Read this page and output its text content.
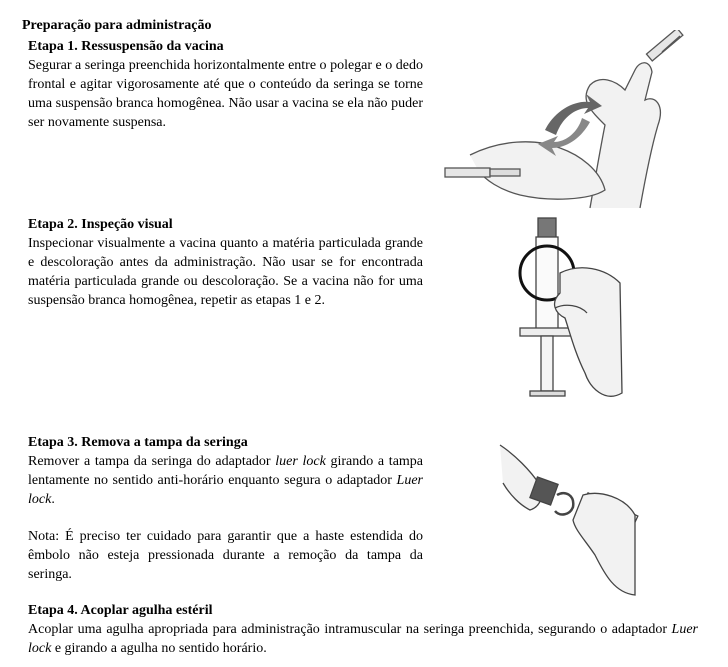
Preparação para administração
Etapa 1. Ressuspensão da vacina

Segurar a seringa preenchida horizontalmente entre o polegar e o dedo frontal e agitar vigorosamente até que o conteúdo da seringa se torne uma suspensão branca homogênea. Não usar a vacina se ela não puder ser novamente suspensa.

Etapa 2. Inspeção visual

Inspecionar visualmente a vacina quanto a matéria particulada grande e descoloração antes da administração. Não usar se for encontrada matéria particulada grande ou descoloração. Se a vacina não for uma suspensão branca homogênea, repetir as etapas 1 e 2.

Etapa 3. Remova a tampa da seringa

Remover a tampa da seringa do adaptador luer lock girando a tampa lentamente no sentido anti-horário enquanto segura o adaptador Luer lock.

Nota: É preciso ter cuidado para garantir que a haste estendida do êmbolo não esteja pressionada durante a remoção da tampa da seringa.

Etapa 4. Acoplar agulha estéril

Acoplar uma agulha apropriada para administração intramuscular na seringa preenchida, segurando o adaptador Luer lock e girando a agulha no sentido horário.
